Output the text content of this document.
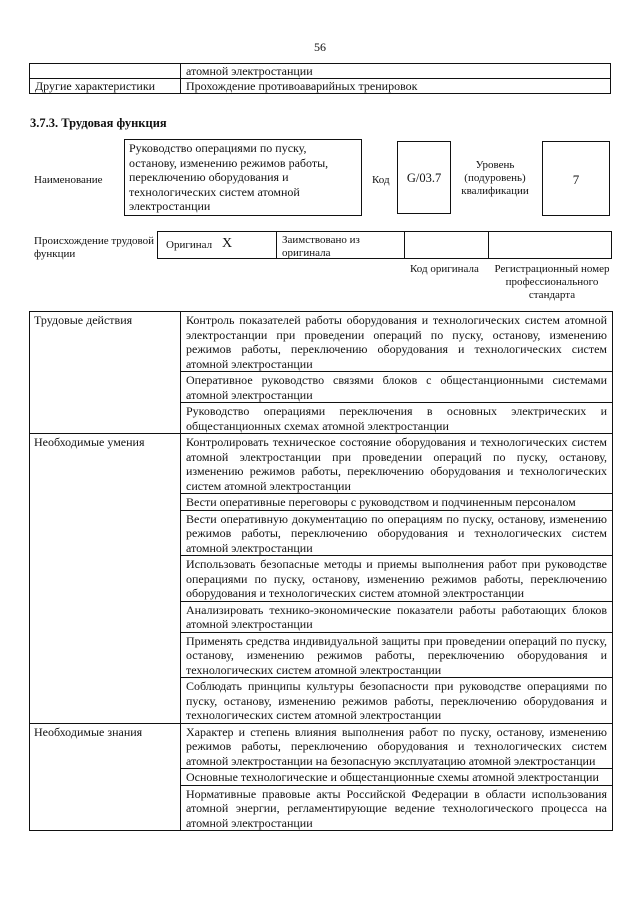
56
	атомной электростанции
Другие характеристики	Прохождение противоаварийных тренировок
3.7.3. Трудовая функция
Наименование
Руководство операциями по пуску, останову, изменению режимов работы, переключению оборудования и технологических систем атомной электростанции
Код	G/03.7
Уровень (подуровень) квалификации
7
Происхождение трудовой функции
Оригинал X	Заимствовано из оригинала
Код оригинала Регистрационный номер профессионального стандарта
Трудовые действия	Контроль показателей работы оборудования и технологических систем атомной электростанции при проведении операций по пуску, останову, изменению режимов работы, переключению оборудования и технологических систем атомной электростанции
	Оперативное руководство связями блоков с общестанционными системами атомной электростанции
	Руководство операциями переключения в основных электрических и общестанционных схемах атомной электростанции
Необходимые умения	Контролировать техническое состояние оборудования и технологических систем атомной электростанции при проведении операций по пуску, останову, изменению режимов работы, переключению оборудования и технологических систем атомной электростанции
	Вести оперативные переговоры с руководством и подчиненным персоналом
	Вести оперативную документацию по операциям по пуску, останову, изменению режимов работы, переключению оборудования и технологических систем атомной электростанции
	Использовать безопасные методы и приемы выполнения работ при руководстве операциями по пуску, останову, изменению режимов работы, переключению оборудования и технологических систем атомной электростанции
	Анализировать технико-экономические показатели работы работающих блоков атомной электростанции
	Применять средства индивидуальной защиты при проведении операций по пуску, останову, изменению режимов работы, переключению оборудования и технологических систем атомной электростанции
	Соблюдать принципы культуры безопасности при руководстве операциями по пуску, останову, изменению режимов работы, переключению оборудования и технологических систем атомной электростанции
Необходимые знания	Характер и степень влияния выполнения работ по пуску, останову, изменению режимов работы, переключению оборудования и технологических систем атомной электростанции на безопасную эксплуатацию атомной электростанции
	Основные технологические и общестанционные схемы атомной электростанции
	Нормативные правовые акты Российской Федерации в области использования атомной энергии, регламентирующие ведение технологического процесса на атомной электростанции
